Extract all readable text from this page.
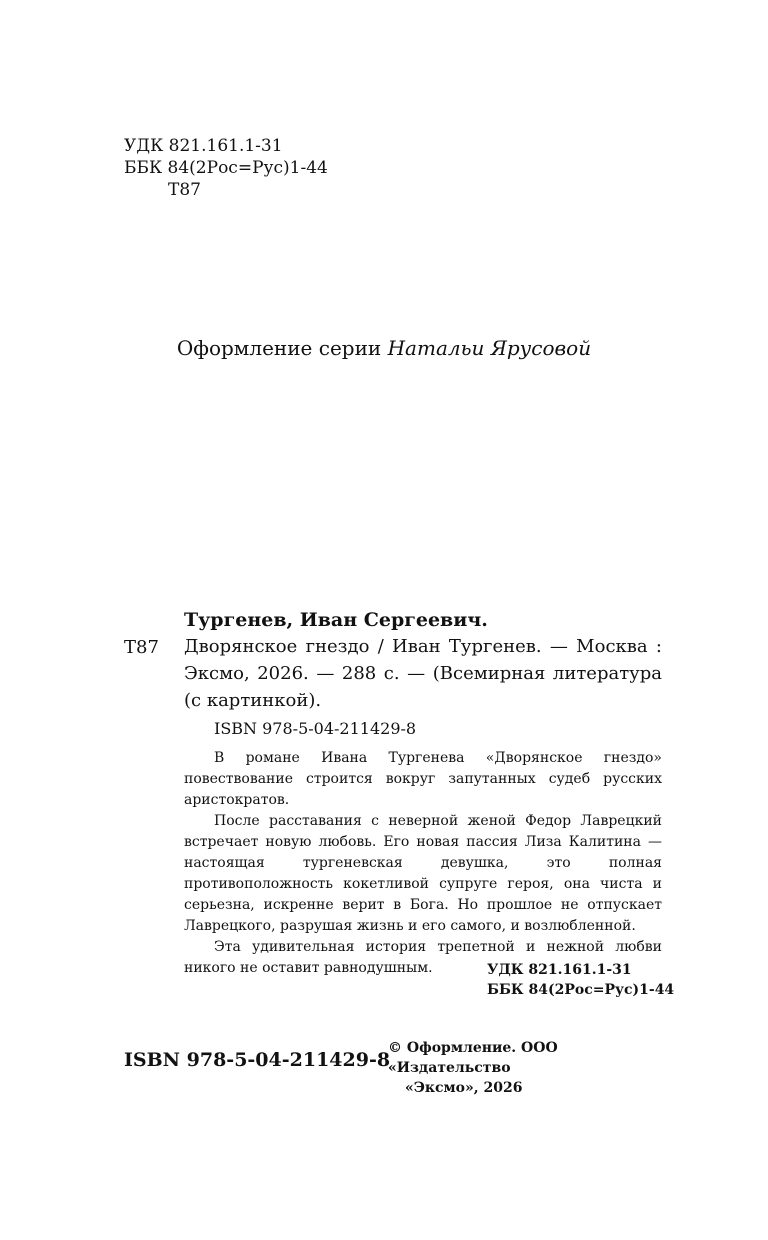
УДК 821.161.1-31
ББК 84(2Рос=Рус)1-44
Т87
Оформление серии Натальи Ярусовой
Тургенев, Иван Сергеевич.
Т87 Дворянское гнездо / Иван Тургенев. — Москва : Эксмо, 2026. — 288 с. — (Всемирная литература (с картинкой).
ISBN 978-5-04-211429-8

В романе Ивана Тургенева «Дворянское гнездо» повествование строится вокруг запутанных судеб русских аристократов.

После расставания с неверной женой Федор Лаврецкий встречает новую любовь. Его новая пассия Лиза Калитина — настоящая тургеневская девушка, это полная противоположность кокетливой супруге героя, она чиста и серьезна, искренне верит в Бога. Но прошлое не отпускает Лаврецкого, разрушая жизнь и его самого, и возлюбленной.

Эта удивительная история трепетной и нежной любви никого не оставит равнодушным.	УДК 821.161.1-31
ББК 84(2Рос=Рус)1-44
ISBN 978-5-04-211429-8
© Оформление. ООО «Издательство
«Эксмо», 2026
